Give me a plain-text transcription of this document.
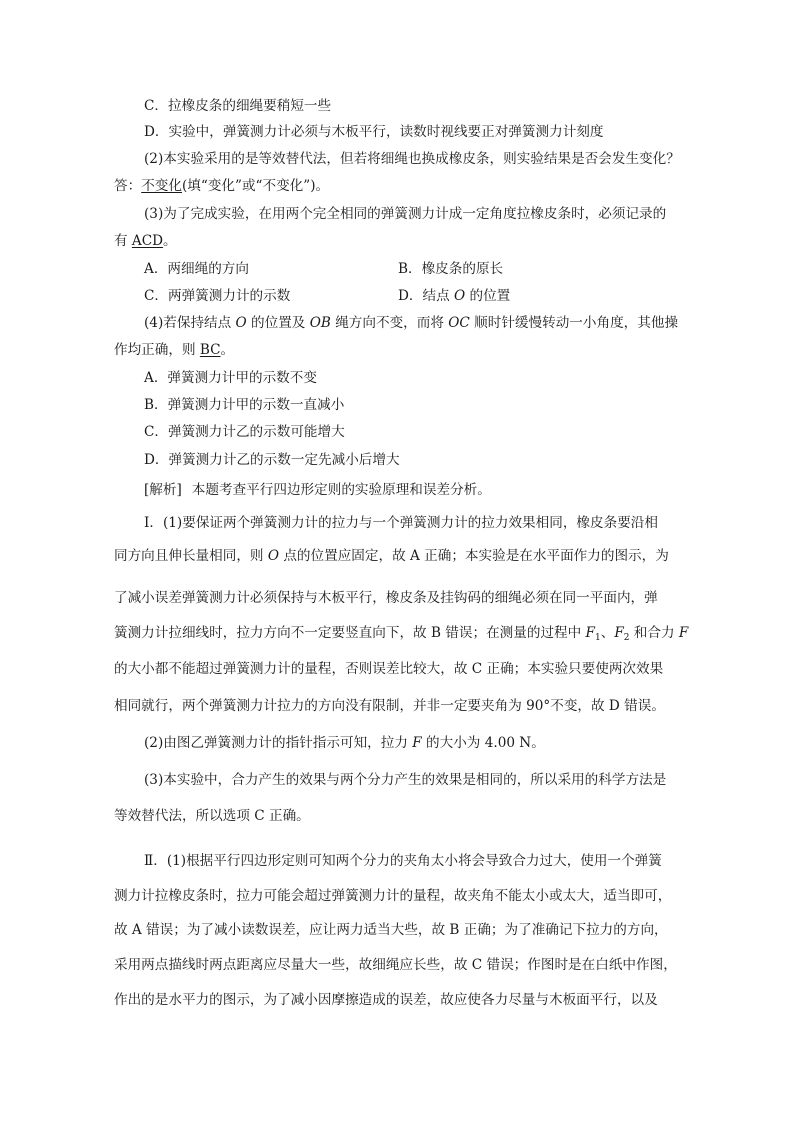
C．拉橡皮条的细绳要稍短一些
D．实验中，弹簧测力计必须与木板平行，读数时视线要正对弹簧测力计刻度
(2)本实验采用的是等效替代法，但若将细绳也换成橡皮条，则实验结果是否会发生变化？
答：不变化(填“变化”或“不变化”)。
(3)为了完成实验，在用两个完全相同的弹簧测力计成一定角度拉橡皮条时，必须记录的
有 ACD。
A．两细绳的方向	B．橡皮条的原长
C．两弹簧测力计的示数	D．结点 O 的位置
(4)若保持结点 O 的位置及 OB 绳方向不变，而将 OC 顺时针缓慢转动一小角度，其他操
作均正确，则 BC。
A．弹簧测力计甲的示数不变
B．弹簧测力计甲的示数一直减小
C．弹簧测力计乙的示数可能增大
D．弹簧测力计乙的示数一定先减小后增大
[解析] 本题考查平行四边形定则的实验原理和误差分析。
Ⅰ．(1)要保证两个弹簧测力计的拉力与一个弹簧测力计的拉力效果相同，橡皮条要沿相
同方向且伸长量相同，则 O 点的位置应固定，故 A 正确；本实验是在水平面作力的图示，为
了减小误差弹簧测力计必须保持与木板平行，橡皮条及挂钩码的细绳必须在同一平面内，弹
簧测力计拉细线时，拉力方向不一定要竖直向下，故 B 错误；在测量的过程中 $F_1$、$F_2$ 和合力 F
的大小都不能超过弹簧测力计的量程，否则误差比较大，故 C 正确；本实验只要使两次效果
相同就行，两个弹簧测力计拉力的方向没有限制，并非一定要夹角为 90°不变，故 D 错误。
(2)由图乙弹簧测力计的指针指示可知，拉力 F 的大小为 4.00 N。
(3)本实验中，合力产生的效果与两个分力产生的效果是相同的，所以采用的科学方法是
等效替代法，所以选项 C 正确。
Ⅱ．(1)根据平行四边形定则可知两个分力的夹角太小将会导致合力过大，使用一个弹簧
测力计拉橡皮条时，拉力可能会超过弹簧测力计的量程，故夹角不能太小或太大，适当即可，
故 A 错误；为了减小读数误差，应让两力适当大些，故 B 正确；为了准确记下拉力的方向，
采用两点描线时两点距离应尽量大一些，故细绳应长些，故 C 错误；作图时是在白纸中作图，
作出的是水平力的图示，为了减小因摩擦造成的误差，故应使各力尽量与木板面平行，以及
